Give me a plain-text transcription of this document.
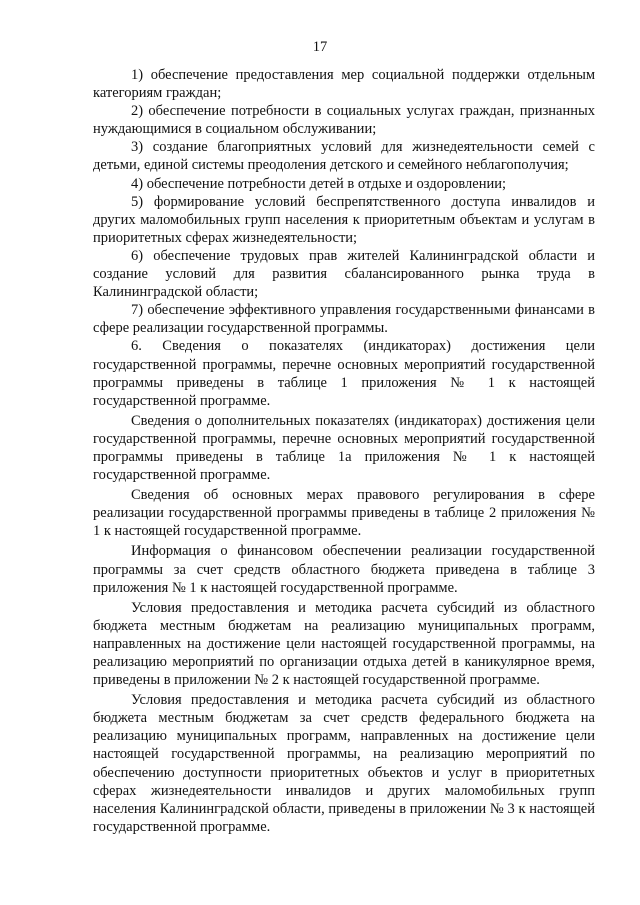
17

1) обеспечение предоставления мер социальной поддержки отдельным категориям граждан;

2) обеспечение потребности в социальных услугах граждан, признанных нуждающимися в социальном обслуживании;

3) создание благоприятных условий для жизнедеятельности семей с детьми, единой системы преодоления детского и семейного неблагополучия;

4) обеспечение потребности детей в отдыхе и оздоровлении;

5) формирование условий беспрепятственного доступа инвалидов и других маломобильных групп населения к приоритетным объектам и услугам в приоритетных сферах жизнедеятельности;

6) обеспечение трудовых прав жителей Калининградской области и создание условий для развития сбалансированного рынка труда в Калининградской области;

7) обеспечение эффективного управления государственными финансами в сфере реализации государственной программы.

6. Сведения о показателях (индикаторах) достижения цели государственной программы, перечне основных мероприятий государственной программы приведены в таблице 1 приложения № 1 к настоящей государственной программе.

Сведения о дополнительных показателях (индикаторах) достижения цели государственной программы, перечне основных мероприятий государственной программы приведены в таблице 1а приложения № 1 к настоящей государственной программе.

Сведения об основных мерах правового регулирования в сфере реализации государственной программы приведены в таблице 2 приложения № 1 к настоящей государственной программе.

Информация о финансовом обеспечении реализации государственной программы за счет средств областного бюджета приведена в таблице 3 приложения № 1 к настоящей государственной программе.

Условия предоставления и методика расчета субсидий из областного бюджета местным бюджетам на реализацию муниципальных программ, направленных на достижение цели настоящей государственной программы, на реализацию мероприятий по организации отдыха детей в каникулярное время, приведены в приложении № 2 к настоящей государственной программе.

Условия предоставления и методика расчета субсидий из областного бюджета местным бюджетам за счет средств федерального бюджета на реализацию муниципальных программ, направленных на достижение цели настоящей государственной программы, на реализацию мероприятий по обеспечению доступности приоритетных объектов и услуг в приоритетных сферах жизнедеятельности инвалидов и других маломобильных групп населения Калининградской области, приведены в приложении № 3 к настоящей государственной программе.
